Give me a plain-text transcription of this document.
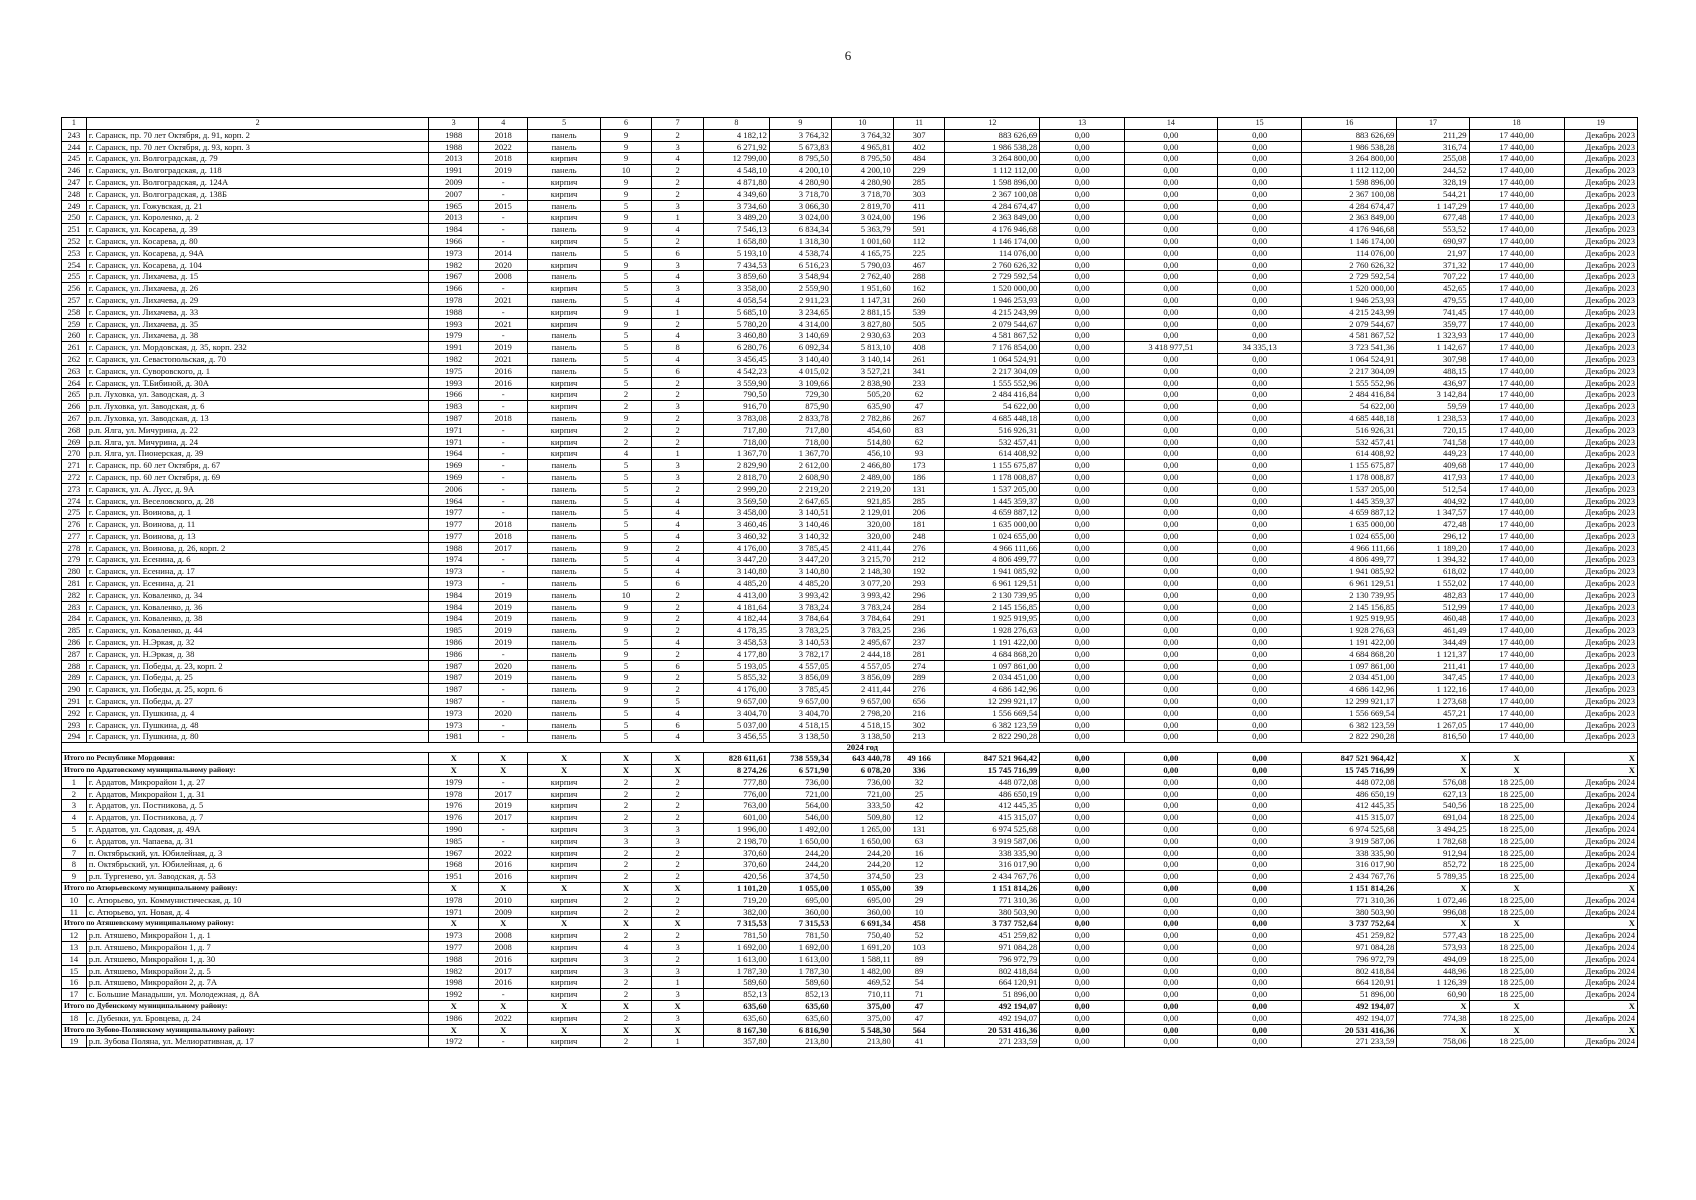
6
1	2	3	4	5	6	7	8	9	10	11	12	13	14	15	16	17	18	19
243	г. Саранск, пр. 70 лет Октября, д. 91, корп. 2	1988	2018	панель	9	2	4 182,12	3 764,32	3 764,32	307	883 626,69	0,00	0,00	0,00	883 626,69	211,29	17 440,00	Декабрь 2023
244	г. Саранск, пр. 70 лет Октября, д. 93, корп. 3	1988	2022	панель	9	3	6 271,92	5 673,83	4 965,81	402	1 986 538,28	0,00	0,00	0,00	1 986 538,28	316,74	17 440,00	Декабрь 2023
245	г. Саранск, ул. Волгоградская, д. 79	2013	2018	кирпич	9	4	12 799,00	8 795,50	8 795,50	484	3 264 800,00	0,00	0,00	0,00	3 264 800,00	255,08	17 440,00	Декабрь 2023
246	г. Саранск, ул. Волгоградская, д. 118	1991	2019	панель	10	2	4 548,10	4 200,10	4 200,10	229	1 112 112,00	0,00	0,00	0,00	1 112 112,00	244,52	17 440,00	Декабрь 2023
247	г. Саранск, ул. Волгоградская, д. 124А	2009	-	кирпич	9	2	4 871,80	4 280,90	4 280,90	285	1 598 896,00	0,00	0,00	0,00	1 598 896,00	328,19	17 440,00	Декабрь 2023
248	г. Саранск, ул. Волгоградская, д. 138Б	2007	-	кирпич	9	2	4 349,60	3 718,70	3 718,70	303	2 367 100,08	0,00	0,00	0,00	2 367 100,08	544,21	17 440,00	Декабрь 2023
249	г. Саранск, ул. Гожувская, д. 21	1965	2015	панель	5	3	3 734,60	3 066,30	2 819,70	411	4 284 674,47	0,00	0,00	0,00	4 284 674,47	1 147,29	17 440,00	Декабрь 2023
250	г. Саранск, ул. Короленко, д. 2	2013	-	кирпич	9	1	3 489,20	3 024,00	3 024,00	196	2 363 849,00	0,00	0,00	0,00	2 363 849,00	677,48	17 440,00	Декабрь 2023
251	г. Саранск, ул. Косарева, д. 39	1984	-	панель	9	4	7 546,13	6 834,34	5 363,79	591	4 176 946,68	0,00	0,00	0,00	4 176 946,68	553,52	17 440,00	Декабрь 2023
252	г. Саранск, ул. Косарева, д. 80	1966	-	кирпич	5	2	1 658,80	1 318,30	1 001,60	112	1 146 174,00	0,00	0,00	0,00	1 146 174,00	690,97	17 440,00	Декабрь 2023
253	г. Саранск, ул. Косарева, д. 94А	1973	2014	панель	5	6	5 193,10	4 538,74	4 165,75	225	114 076,00	0,00	0,00	0,00	114 076,00	21,97	17 440,00	Декабрь 2023
254	г. Саранск, ул. Косарева, д. 104	1982	2020	кирпич	9	3	7 434,53	6 516,23	5 790,03	467	2 760 626,32	0,00	0,00	0,00	2 760 626,32	371,32	17 440,00	Декабрь 2023
255	г. Саранск, ул. Лихачева, д. 15	1967	2008	панель	5	4	3 859,60	3 548,94	2 762,40	288	2 729 592,54	0,00	0,00	0,00	2 729 592,54	707,22	17 440,00	Декабрь 2023
256	г. Саранск, ул. Лихачева, д. 26	1966	-	кирпич	5	3	3 358,00	2 559,90	1 951,60	162	1 520 000,00	0,00	0,00	0,00	1 520 000,00	452,65	17 440,00	Декабрь 2023
257	г. Саранск, ул. Лихачева, д. 29	1978	2021	панель	5	4	4 058,54	2 911,23	1 147,31	260	1 946 253,93	0,00	0,00	0,00	1 946 253,93	479,55	17 440,00	Декабрь 2023
258	г. Саранск, ул. Лихачева, д. 33	1988	-	кирпич	9	1	5 685,10	3 234,65	2 881,15	539	4 215 243,99	0,00	0,00	0,00	4 215 243,99	741,45	17 440,00	Декабрь 2023
259	г. Саранск, ул. Лихачева, д. 35	1993	2021	кирпич	9	2	5 780,20	4 314,00	3 827,80	505	2 079 544,67	0,00	0,00	0,00	2 079 544,67	359,77	17 440,00	Декабрь 2023
260	г. Саранск, ул. Лихачева, д. 38	1979	-	панель	5	4	3 460,80	3 140,69	2 930,63	203	4 581 867,52	0,00	0,00	0,00	4 581 867,52	1 323,93	17 440,00	Декабрь 2023
261	г. Саранск, ул. Мордовская, д. 35, корп. 232	1991	2019	панель	5	8	6 280,76	6 092,34	5 813,10	408	7 176 854,00	0,00	3 418 977,51	34 335,13	3 723 541,36	1 142,67	17 440,00	Декабрь 2023
262	г. Саранск, ул. Севастопольская, д. 70	1982	2021	панель	5	4	3 456,45	3 140,40	3 140,14	261	1 064 524,91	0,00	0,00	0,00	1 064 524,91	307,98	17 440,00	Декабрь 2023
263	г. Саранск, ул. Суворовского, д. 1	1975	2016	панель	5	6	4 542,23	4 015,02	3 527,21	341	2 217 304,09	0,00	0,00	0,00	2 217 304,09	488,15	17 440,00	Декабрь 2023
264	г. Саранск, ул. Т.Бибиной, д. 30А	1993	2016	кирпич	5	2	3 559,90	3 109,66	2 838,90	233	1 555 552,96	0,00	0,00	0,00	1 555 552,96	436,97	17 440,00	Декабрь 2023
265	р.п. Луховка, ул. Заводская, д. 3	1966	-	кирпич	2	2	790,50	729,30	505,20	62	2 484 416,84	0,00	0,00	0,00	2 484 416,84	3 142,84	17 440,00	Декабрь 2023
266	р.п. Луховка, ул. Заводская, д. 6	1983	-	кирпич	2	3	916,70	875,90	635,90	47	54 622,00	0,00	0,00	0,00	54 622,00	59,59	17 440,00	Декабрь 2023
267	р.п. Луховка, ул. Заводская, д. 13	1987	2018	панель	9	2	3 783,08	2 833,78	2 782,86	267	4 685 448,18	0,00	0,00	0,00	4 685 448,18	1 238,53	17 440,00	Декабрь 2023
268	р.п. Ялга, ул. Мичурина, д. 22	1971	-	кирпич	2	2	717,80	717,80	454,60	83	516 926,31	0,00	0,00	0,00	516 926,31	720,15	17 440,00	Декабрь 2023
269	р.п. Ялга, ул. Мичурина, д. 24	1971	-	кирпич	2	2	718,00	718,00	514,80	62	532 457,41	0,00	0,00	0,00	532 457,41	741,58	17 440,00	Декабрь 2023
270	р.п. Ялга, ул. Пионерская, д. 39	1964	-	кирпич	4	1	1 367,70	1 367,70	456,10	93	614 408,92	0,00	0,00	0,00	614 408,92	449,23	17 440,00	Декабрь 2023
271	г. Саранск, пр. 60 лет Октября, д. 67	1969	-	панель	5	3	2 829,90	2 612,00	2 466,80	173	1 155 675,87	0,00	0,00	0,00	1 155 675,87	409,68	17 440,00	Декабрь 2023
272	г. Саранск, пр. 60 лет Октября, д. 69	1969	-	панель	5	3	2 818,70	2 608,90	2 489,00	186	1 178 008,87	0,00	0,00	0,00	1 178 008,87	417,93	17 440,00	Декабрь 2023
273	г. Саранск, ул. А. Лусс, д. 9А	2006	-	панель	5	2	2 999,20	2 219,20	2 219,20	131	1 537 205,00	0,00	0,00	0,00	1 537 205,00	512,54	17 440,00	Декабрь 2023
274	г. Саранск, ул. Веселовского, д. 28	1964	-	панель	5	4	3 569,50	2 647,65	921,85	285	1 445 359,37	0,00	0,00	0,00	1 445 359,37	404,92	17 440,00	Декабрь 2023
275	г. Саранск, ул. Воинова, д. 1	1977	-	панель	5	4	3 458,00	3 140,51	2 129,01	206	4 659 887,12	0,00	0,00	0,00	4 659 887,12	1 347,57	17 440,00	Декабрь 2023
276	г. Саранск, ул. Воинова, д. 11	1977	2018	панель	5	4	3 460,46	3 140,46	320,00	181	1 635 000,00	0,00	0,00	0,00	1 635 000,00	472,48	17 440,00	Декабрь 2023
277	г. Саранск, ул. Воинова, д. 13	1977	2018	панель	5	4	3 460,32	3 140,32	320,00	248	1 024 655,00	0,00	0,00	0,00	1 024 655,00	296,12	17 440,00	Декабрь 2023
278	г. Саранск, ул. Воинова, д. 26, корп. 2	1988	2017	панель	9	2	4 176,00	3 785,45	2 411,44	276	4 966 111,66	0,00	0,00	0,00	4 966 111,66	1 189,20	17 440,00	Декабрь 2023
279	г. Саранск, ул. Есенина, д. 6	1974	-	панель	5	4	3 447,20	3 447,20	3 215,70	212	4 806 499,77	0,00	0,00	0,00	4 806 499,77	1 394,32	17 440,00	Декабрь 2023
280	г. Саранск, ул. Есенина, д. 17	1973	-	панель	5	4	3 140,80	3 140,80	2 148,30	192	1 941 085,92	0,00	0,00	0,00	1 941 085,92	618,02	17 440,00	Декабрь 2023
281	г. Саранск, ул. Есенина, д. 21	1973	-	панель	5	6	4 485,20	4 485,20	3 077,20	293	6 961 129,51	0,00	0,00	0,00	6 961 129,51	1 552,02	17 440,00	Декабрь 2023
282	г. Саранск, ул. Коваленко, д. 34	1984	2019	панель	10	2	4 413,00	3 993,42	3 993,42	296	2 130 739,95	0,00	0,00	0,00	2 130 739,95	482,83	17 440,00	Декабрь 2023
283	г. Саранск, ул. Коваленко, д. 36	1984	2019	панель	9	2	4 181,64	3 783,24	3 783,24	284	2 145 156,85	0,00	0,00	0,00	2 145 156,85	512,99	17 440,00	Декабрь 2023
284	г. Саранск, ул. Коваленко, д. 38	1984	2019	панель	9	2	4 182,44	3 784,64	3 784,64	291	1 925 919,95	0,00	0,00	0,00	1 925 919,95	460,48	17 440,00	Декабрь 2023
285	г. Саранск, ул. Коваленко, д. 44	1985	2019	панель	9	2	4 178,35	3 783,25	3 783,25	236	1 928 276,63	0,00	0,00	0,00	1 928 276,63	461,49	17 440,00	Декабрь 2023
286	г. Саранск, ул. Н.Эркая, д. 32	1986	2019	панель	5	4	3 458,53	3 140,53	2 495,67	237	1 191 422,00	0,00	0,00	0,00	1 191 422,00	344,49	17 440,00	Декабрь 2023
287	г. Саранск, ул. Н.Эркая, д. 38	1986	-	панель	9	2	4 177,80	3 782,17	2 444,18	281	4 684 868,20	0,00	0,00	0,00	4 684 868,20	1 121,37	17 440,00	Декабрь 2023
288	г. Саранск, ул. Победы, д. 23, корп. 2	1987	2020	панель	5	6	5 193,05	4 557,05	4 557,05	274	1 097 861,00	0,00	0,00	0,00	1 097 861,00	211,41	17 440,00	Декабрь 2023
289	г. Саранск, ул. Победы, д. 25	1987	2019	панель	9	2	5 855,32	3 856,09	3 856,09	289	2 034 451,00	0,00	0,00	0,00	2 034 451,00	347,45	17 440,00	Декабрь 2023
290	г. Саранск, ул. Победы, д. 25, корп. 6	1987	-	панель	9	2	4 176,00	3 785,45	2 411,44	276	4 686 142,96	0,00	0,00	0,00	4 686 142,96	1 122,16	17 440,00	Декабрь 2023
291	г. Саранск, ул. Победы, д. 27	1987	-	панель	9	5	9 657,00	9 657,00	9 657,00	656	12 299 921,17	0,00	0,00	0,00	12 299 921,17	1 273,68	17 440,00	Декабрь 2023
292	г. Саранск, ул. Пушкина, д. 4	1973	2020	панель	5	4	3 404,70	3 404,70	2 798,20	216	1 556 669,54	0,00	0,00	0,00	1 556 669,54	457,21	17 440,00	Декабрь 2023
293	г. Саранск, ул. Пушкина, д. 48	1973	-	панель	5	6	5 037,00	4 518,15	4 518,15	302	6 382 123,59	0,00	0,00	0,00	6 382 123,59	1 267,05	17 440,00	Декабрь 2023
294	г. Саранск, ул. Пушкина, д. 80	1981	-	панель	5	4	3 456,55	3 138,50	3 138,50	213	2 822 290,28	0,00	0,00	0,00	2 822 290,28	816,50	17 440,00	Декабрь 2023
									2024 год									
Итого по Республике Мордовия:		X	X	X	X	X	828 611,61	738 559,34	643 440,78	49 166	847 521 964,42	0,00	0,00	0,00	847 521 964,42	X	X	X
Итого по Ардатовскому муниципальному району:		X	X	X	X	X	8 274,26	6 571,90	6 078,20	336	15 745 716,99	0,00	0,00	0,00	15 745 716,99	X	X	X
1	г. Ардатов, Микрорайон 1, д. 27	1979	-	кирпич	2	2	777,80	736,00	736,00	32	448 072,08	0,00	0,00	0,00	448 072,08	576,08	18 225,00	Декабрь 2024
2	г. Ардатов, Микрорайон 1, д. 31	1978	2017	кирпич	2	2	776,00	721,00	721,00	25	486 650,19	0,00	0,00	0,00	486 650,19	627,13	18 225,00	Декабрь 2024
3	г. Ардатов, ул. Постникова, д. 5	1976	2019	кирпич	2	2	763,00	564,00	333,50	42	412 445,35	0,00	0,00	0,00	412 445,35	540,56	18 225,00	Декабрь 2024
4	г. Ардатов, ул. Постникова, д. 7	1976	2017	кирпич	2	2	601,00	546,00	509,80	12	415 315,07	0,00	0,00	0,00	415 315,07	691,04	18 225,00	Декабрь 2024
5	г. Ардатов, ул. Садовая, д. 49А	1990	-	кирпич	3	3	1 996,00	1 492,00	1 265,00	131	6 974 525,68	0,00	0,00	0,00	6 974 525,68	3 494,25	18 225,00	Декабрь 2024
6	г. Ардатов, ул. Чапаева, д. 31	1985	-	кирпич	3	3	2 198,70	1 650,00	1 650,00	63	3 919 587,06	0,00	0,00	0,00	3 919 587,06	1 782,68	18 225,00	Декабрь 2024
7	п. Октябрьский, ул. Юбилейная, д. 3	1967	2022	кирпич	2	2	370,60	244,20	244,20	16	338 335,90	0,00	0,00	0,00	338 335,90	912,94	18 225,00	Декабрь 2024
8	п. Октябрьский, ул. Юбилейная, д. 6	1968	2016	кирпич	2	2	370,60	244,20	244,20	12	316 017,90	0,00	0,00	0,00	316 017,90	852,72	18 225,00	Декабрь 2024
9	р.п. Тургенево, ул. Заводская, д. 53	1951	2016	кирпич	2	2	420,56	374,50	374,50	23	2 434 767,76	0,00	0,00	0,00	2 434 767,76	5 789,35	18 225,00	Декабрь 2024
Итого по Атюрьевскому муниципальному району:		X	X	X	X	X	1 101,20	1 055,00	1 055,00	39	1 151 814,26	0,00	0,00	0,00	1 151 814,26	X	X	X
10	с. Атюрьево, ул. Коммунистическая, д. 10	1978	2010	кирпич	2	2	719,20	695,00	695,00	29	771 310,36	0,00	0,00	0,00	771 310,36	1 072,46	18 225,00	Декабрь 2024
11	с. Атюрьево, ул. Новая, д. 4	1971	2009	кирпич	2	2	382,00	360,00	360,00	10	380 503,90	0,00	0,00	0,00	380 503,90	996,08	18 225,00	Декабрь 2024
Итого по Атяшевскому муниципальному району:		X	X	X	X	X	7 315,53	7 315,53	6 691,34	458	3 737 752,64	0,00	0,00	0,00	3 737 752,64	X	X	X
12	р.п. Атяшево, Микрорайон 1, д. 1	1973	2008	кирпич	2	2	781,50	781,50	750,40	52	451 259,82	0,00	0,00	0,00	451 259,82	577,43	18 225,00	Декабрь 2024
13	р.п. Атяшево, Микрорайон 1, д. 7	1977	2008	кирпич	4	3	1 692,00	1 692,00	1 691,20	103	971 084,28	0,00	0,00	0,00	971 084,28	573,93	18 225,00	Декабрь 2024
14	р.п. Атяшево, Микрорайон 1, д. 30	1988	2016	кирпич	3	2	1 613,00	1 613,00	1 588,11	89	796 972,79	0,00	0,00	0,00	796 972,79	494,09	18 225,00	Декабрь 2024
15	р.п. Атяшево, Микрорайон 2, д. 5	1982	2017	кирпич	3	3	1 787,30	1 787,30	1 482,00	89	802 418,84	0,00	0,00	0,00	802 418,84	448,96	18 225,00	Декабрь 2024
16	р.п. Атяшево, Микрорайон 2, д. 7А	1998	2016	кирпич	2	1	589,60	589,60	469,52	54	664 120,91	0,00	0,00	0,00	664 120,91	1 126,39	18 225,00	Декабрь 2024
17	с. Большие Манадыши, ул. Молодежная, д. 8А	1992	-	кирпич	2	3	852,13	852,13	710,11	71	51 896,00	0,00	0,00	0,00	51 896,00	60,90	18 225,00	Декабрь 2024
Итого по Дубенскому муниципальному району:		X	X	X	X	X	635,60	635,60	375,00	47	492 194,07	0,00	0,00	0,00	492 194,07	X	X	X
18	с. Дубенки, ул. Бровцева, д. 24	1986	2022	кирпич	2	3	635,60	635,60	375,00	47	492 194,07	0,00	0,00	0,00	492 194,07	774,38	18 225,00	Декабрь 2024
Итого по Зубово-Полянскому муниципальному району:		X	X	X	X	X	8 167,30	6 816,90	5 548,30	564	20 531 416,36	0,00	0,00	0,00	20 531 416,36	X	X	X
19	р.п. Зубова Поляна, ул. Мелиоративная, д. 17	1972	-	кирпич	2	1	357,80	213,80	213,80	41	271 233,59	0,00	0,00	0,00	271 233,59	758,06	18 225,00	Декабрь 2024
